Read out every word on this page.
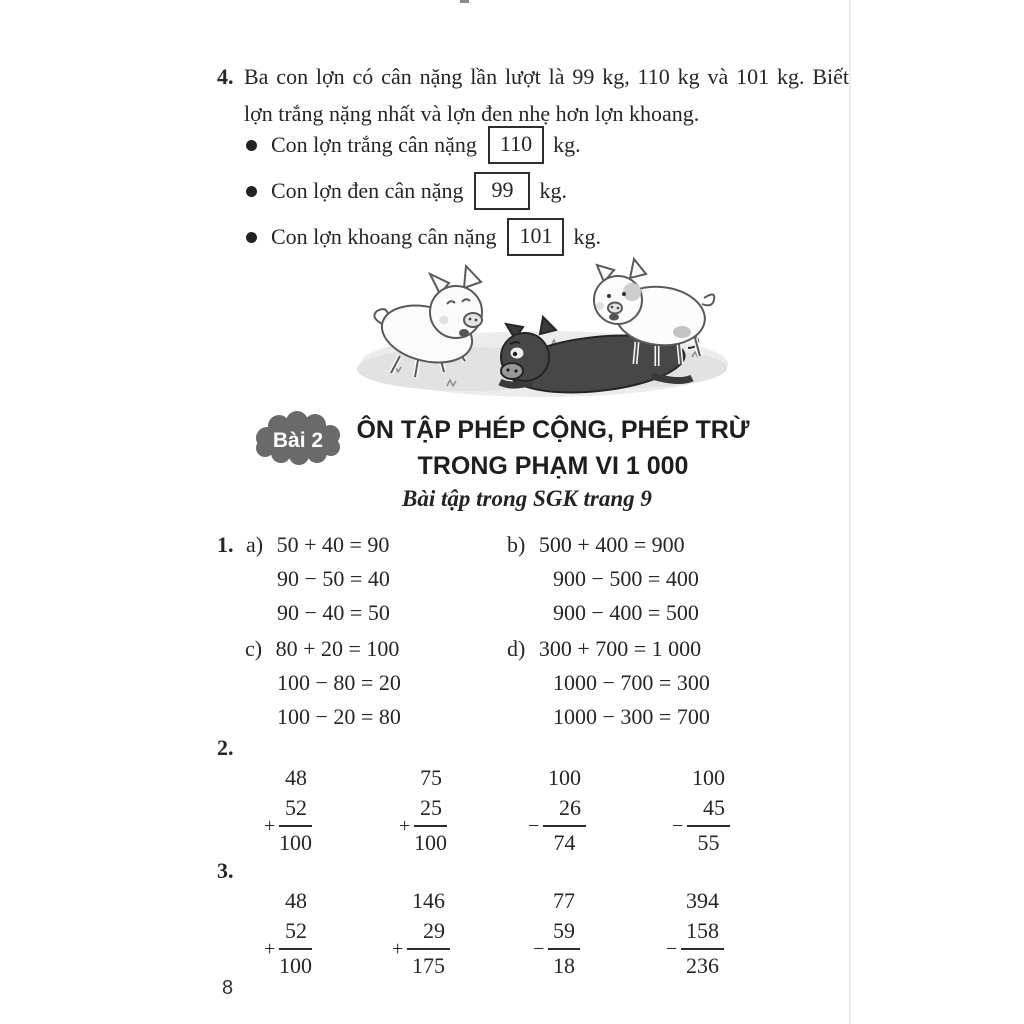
4. Ba con lợn có cân nặng lần lượt là 99 kg, 110 kg và 101 kg. Biết
lợn trắng nặng nhất và lợn đen nhẹ hơn lợn khoang.
Con lợn trắng cân nặng	110 kg.
Con lợn đen cân nặng	99	kg.
Con lợn khoang cân nặng	101 kg.
Bài 2 ÔN TẬP PHÉP CỘNG, PHÉP TRỪ
TRONG PHẠM VI 1 000
Bài tập trong SGK trang 9
1. a) 50 + 40 = 90
90 − 50 = 40
90 − 40 = 50
c) 80 + 20 = 100
100 − 80 = 20
100 − 20 = 80
b) 500 + 400 = 900
900 − 500 = 400
900 − 400 = 500
d) 300 + 700 = 1 000
1000 − 700 = 300
1000 − 300 = 700
2.
48
52
+
100
75
25
+
100
100
26
−
74
100
45
−
55
3.
48
52
+
100
146
29
+
175
77
59
−
18
394
158
−
236
8
